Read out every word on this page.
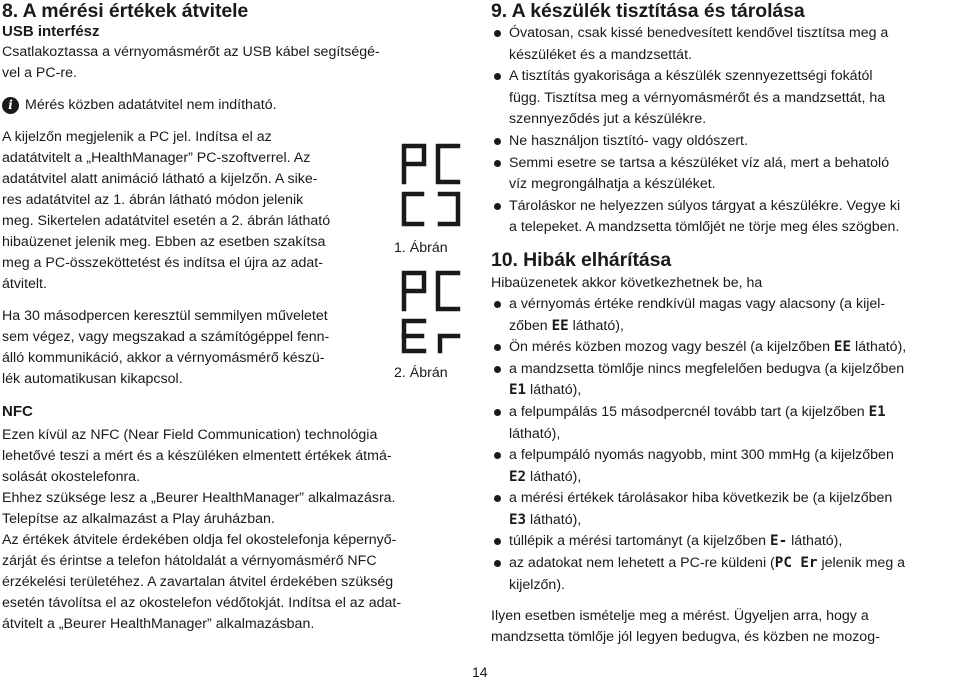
8. A mérési értékek átvitele
USB interfész

Csatlakoztassa a vérnyomásmérőt az USB kábel segítségé-

vel a PC-re.

i Mérés közben adatátvitel nem indítható.

A kijelzőn megjelenik a PC jel. Indítsa el az

adatátvitelt a „HealthManager” PC-szoftverrel. Az

adatátvitel alatt animáció látható a kijelzőn. A sike-

res adatátvitel az 1. ábrán látható módon jelenik

meg. Sikertelen adatátvitel esetén a 2. ábrán látható

hibaüzenet jelenik meg. Ebben az esetben szakítsa

meg a PC-összeköttetést és indítsa el újra az adat-

átvitelt.

Ha 30 másodpercen keresztül semmilyen műveletet

sem végez, vagy megszakad a számítógéppel fenn-

álló kommunikáció, akkor a vérnyomásmérő készü-

lék automatikusan kikapcsol.

NFC

Ezen kívül az NFC (Near Field Communication) technológia

lehetővé teszi a mért és a készüléken elmentett értékek átmá-

solását okostelefonra.

Ehhez szüksége lesz a „Beurer HealthManager” alkalmazásra.

Telepítse az alkalmazást a Play áruházban.

Az értékek átvitele érdekében oldja fel okostelefonja képernyő-

zárját és érintse a telefon hátoldalát a vérnyomásmérő NFC

érzékelési területéhez. A zavartalan átvitel érdekében szükség

esetén távolítsa el az okostelefon védőtokját. Indítsa el az adat-

átvitelt a „Beurer HealthManager” alkalmazásban.

1. Ábrán
2. Ábrán
9. A készülék tisztítása és tárolása
Óvatosan, csak kissé benedvesített kendővel tisztítsa meg a
készüléket és a mandzsettát.
A tisztítás gyakorisága a készülék szennyezettségi fokától
függ. Tisztítsa meg a vérnyomásmérőt és a mandzsettát, ha
szennyeződés jut a készülékre.
Ne használjon tisztító- vagy oldószert.
Semmi esetre se tartsa a készüléket víz alá, mert a behatoló
víz megrongálhatja a készüléket.
Tároláskor ne helyezzen súlyos tárgyat a készülékre. Vegye ki
a telepeket. A mandzsetta tömlőjét ne törje meg éles szögben.
10. Hibák elhárítása

Hibaüzenetek akkor következhetnek be, ha

a vérnyomás értéke rendkívül magas vagy alacsony (a kijel-
zőben EE látható),
Ön mérés közben mozog vagy beszél (a kijelzőben EE látható),
a mandzsetta tömlője nincs megfelelően bedugva (a kijelzőben
E1 látható),
a felpumpálás 15 másodpercnél tovább tart (a kijelzőben E1
látható),
a felpumpáló nyomás nagyobb, mint 300 mmHg (a kijelzőben
E2 látható),
a mérési értékek tárolásakor hiba következik be (a kijelzőben
E3 látható),
túllépik a mérési tartományt (a kijelzőben E- látható),
az adatokat nem lehetett a PC-re küldeni (PC Er jelenik meg a
kijelzőn).

Ilyen esetben ismételje meg a mérést. Ügyeljen arra, hogy a

mandzsetta tömlője jól legyen bedugva, és közben ne mozog-

14
